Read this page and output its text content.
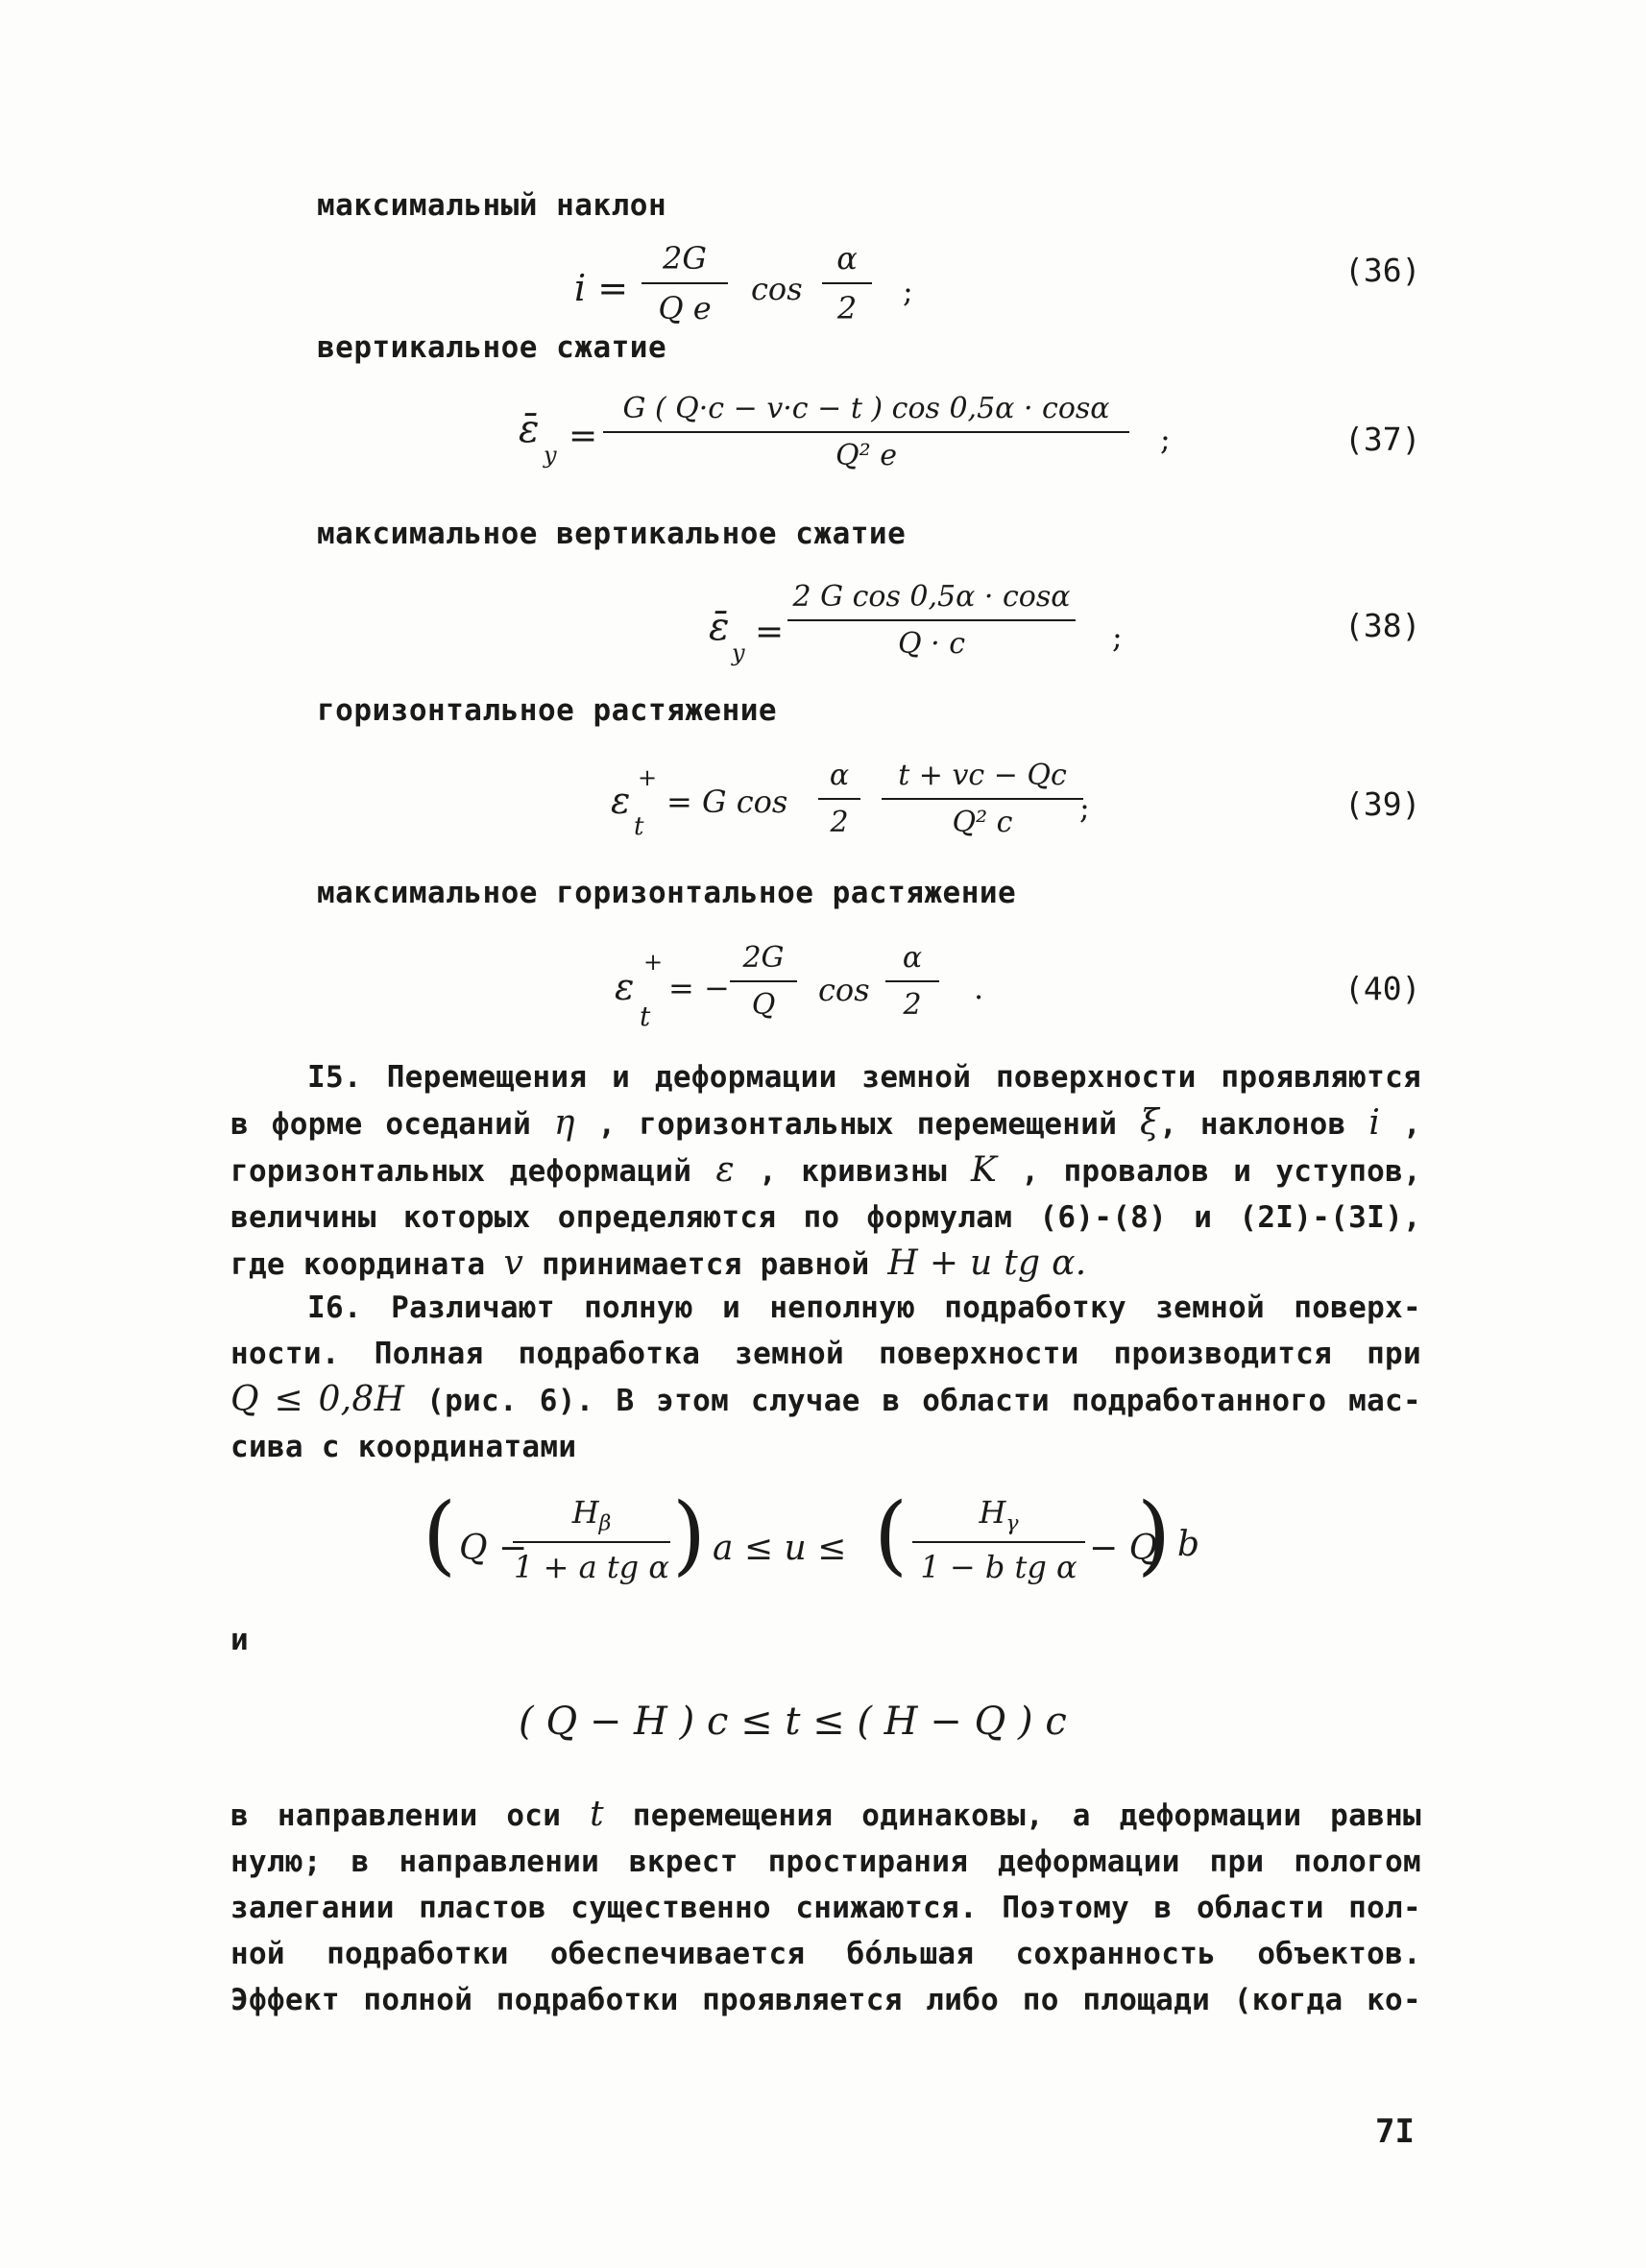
максимальный наклон
i =
2G
Q e
cos
α
2	;
(36)
вертикальное сжатие
ε̄
y =
G ( Q·c − v·c − t ) cos 0,5α · cosα
Q² e	;	(37)
максимальное вертикальное сжатие
ε̄
y
=
2 G cos 0,5α · cosα
Q · c	;	(38)
горизонтальное растяжение
ε
+
t
= G cos
α
2
t + vc − Qc
Q² c	;	(39)
максимальное горизонтальное растяжение
ε
+
t
= −
2G
Q	cos
α
2	.	(40)
I5. Перемещения и деформации земной поверхности проявляются
в форме оседаний η , горизонтальных перемещений ξ, наклонов i ,
горизонтальных деформаций ε , кривизны K , провалов и уступов,
величины которых определяются по формулам (6)-(8) и (2I)-(3I),
где координата v принимается равной H + u tg α.
I6. Различают полную и неполную подработку земной поверх-
ности. Полная подработка земной поверхности производится при
Q ≤ 0,8H (рис. 6). В этом случае в области подработанного мас-
сива с координатами
( Q −
$H_\beta$
1 + a tg α ) a ≤ u ≤ (	$H_\gamma$
1 − b tg α − Q
) b
и
( Q − H ) c ≤ t ≤ ( H − Q ) c
в направлении оси t перемещения одинаковы, а деформации равны
нулю; в направлении вкрест простирания деформации при пологом
залегании пластов существенно снижаются. Поэтому в области пол-
ной подработки обеспечивается бóльшая сохранность объектов.
Эффект полной подработки проявляется либо по площади (когда ко-
7I
